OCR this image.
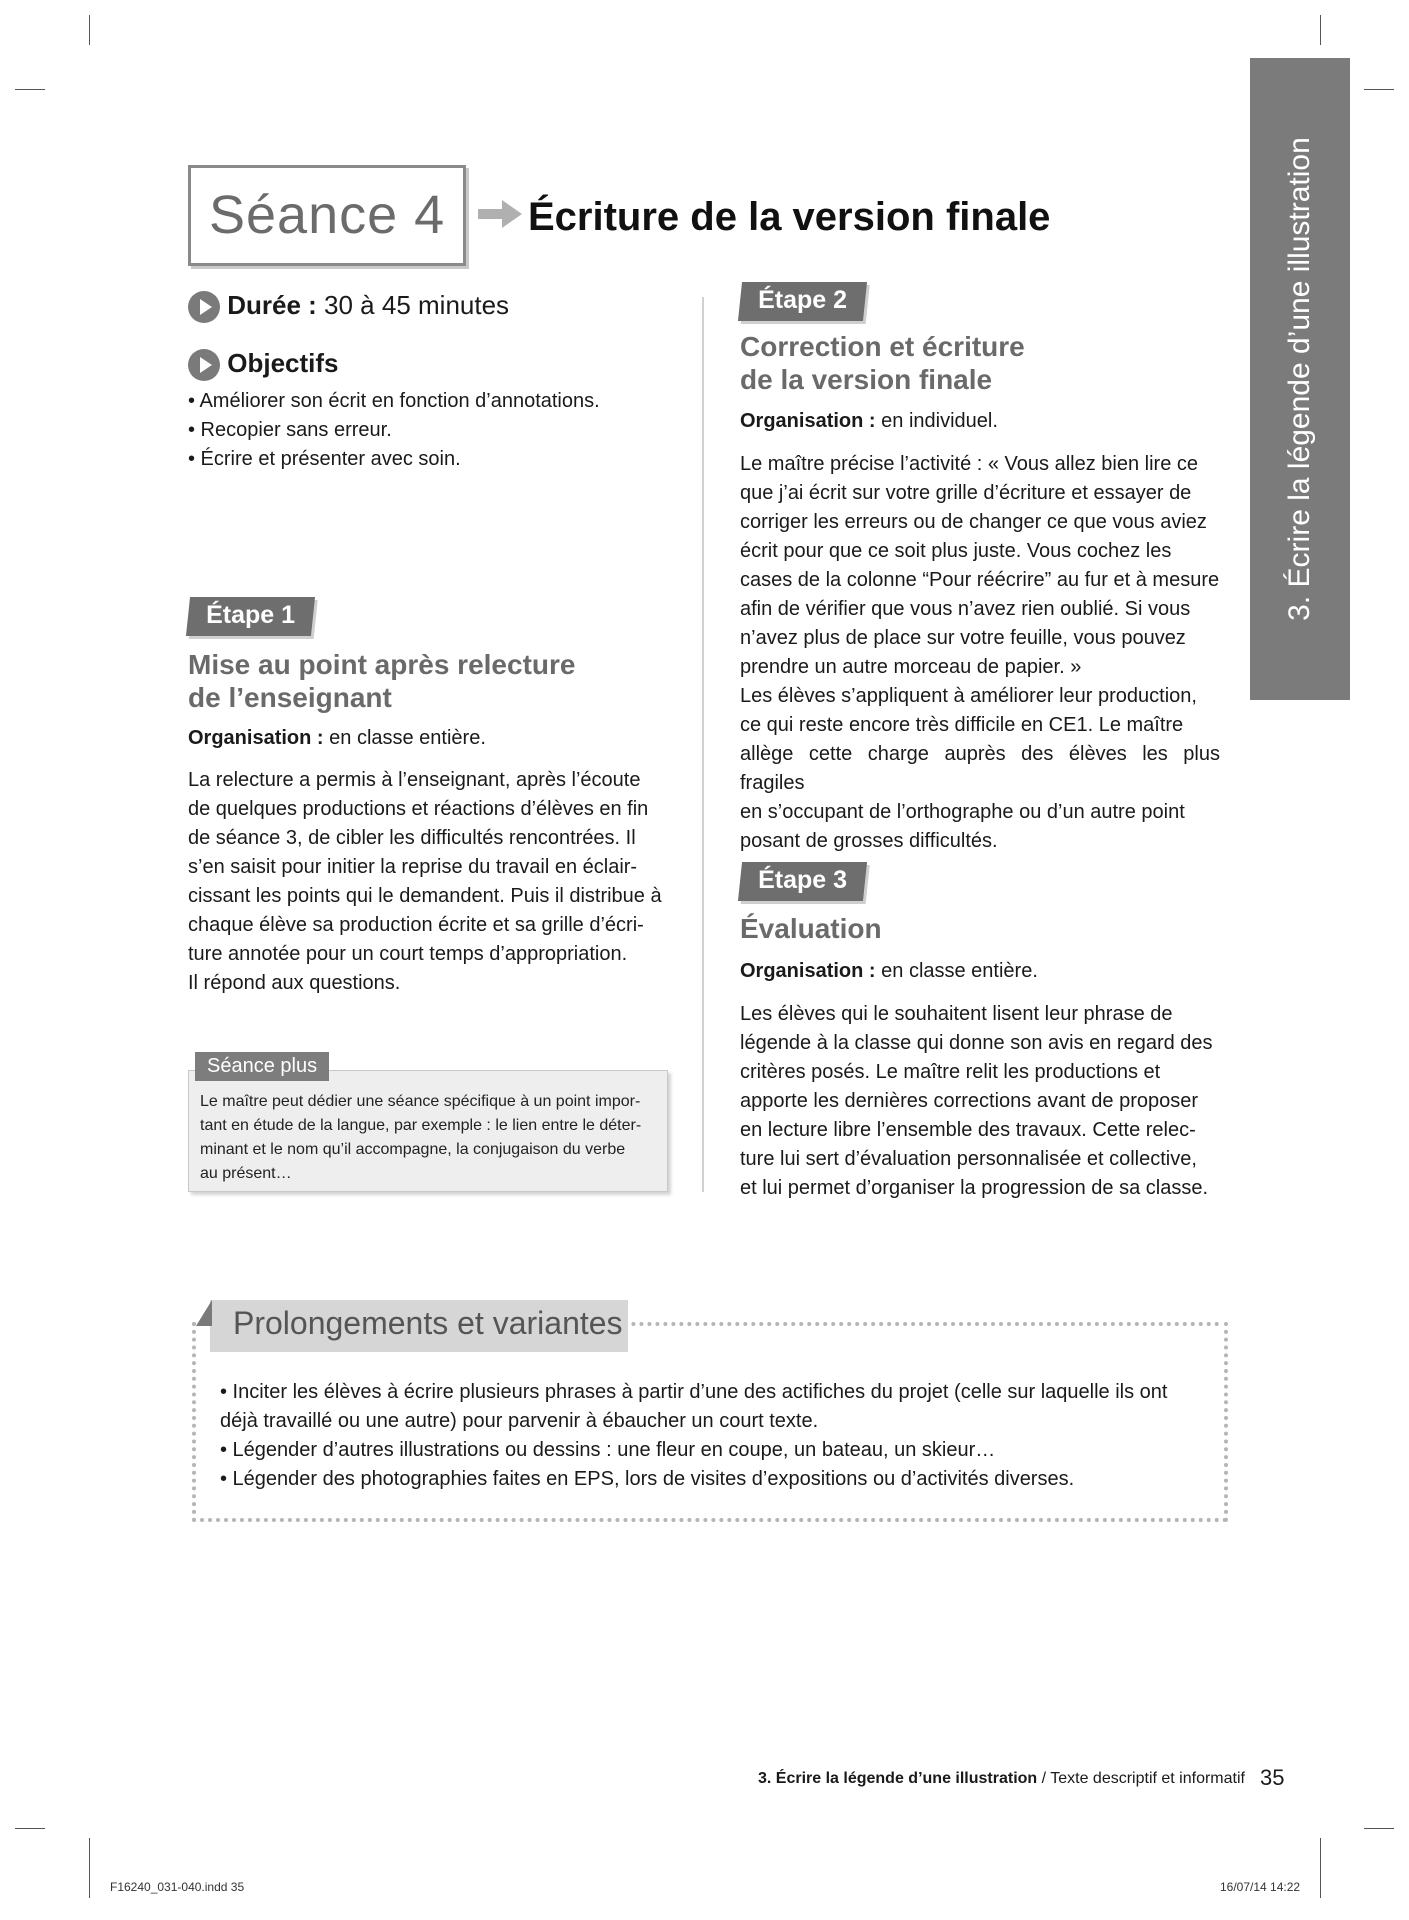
Séance 4	Écriture de la version finale
Durée : 30 à 45 minutes
Objectifs
• Améliorer son écrit en fonction d’annotations.
• Recopier sans erreur.
• Écrire et présenter avec soin.
Étape 1
Mise au point après relecture
de l’enseignant
Organisation : en classe entière.
La relecture a permis à l’enseignant, après l’écoute
de quelques productions et réactions d’élèves en fin
de séance 3, de cibler les difficultés rencontrées. Il
s’en saisit pour initier la reprise du travail en éclair-
cissant les points qui le demandent. Puis il distribue à
chaque élève sa production écrite et sa grille d’écri-
ture annotée pour un court temps d’appropriation.
Il répond aux questions.
Séance plus
Le maître peut dédier une séance spécifique à un point impor-
tant en étude de la langue, par exemple : le lien entre le déter-
minant et le nom qu’il accompagne, la conjugaison du verbe
au présent…
Étape 2
Correction et écriture
de la version finale
Organisation : en individuel.
Le maître précise l’activité : « Vous allez bien lire ce
que j’ai écrit sur votre grille d’écriture et essayer de
corriger les erreurs ou de changer ce que vous aviez
écrit pour que ce soit plus juste. Vous cochez les
cases de la colonne “Pour réécrire” au fur et à mesure
afin de vérifier que vous n’avez rien oublié. Si vous
n’avez plus de place sur votre feuille, vous pouvez
prendre un autre morceau de papier. »
Les élèves s’appliquent à améliorer leur production,
ce qui reste encore très difficile en CE1. Le maître
allège cette charge auprès des élèves les plus fragiles
en s’occupant de l’orthographe ou d’un autre point
posant de grosses difficultés.
Étape 3
Évaluation
Organisation : en classe entière.
Les élèves qui le souhaitent lisent leur phrase de
légende à la classe qui donne son avis en regard des
critères posés. Le maître relit les productions et
apporte les dernières corrections avant de proposer
en lecture libre l’ensemble des travaux. Cette relec-
ture lui sert d’évaluation personnalisée et collective,
et lui permet d’organiser la progression de sa classe.
3. Écrire la légende d’une illustration
Prolongements et variantes
• Inciter les élèves à écrire plusieurs phrases à partir d’une des actifiches du projet (celle sur laquelle ils ont
déjà travaillé ou une autre) pour parvenir à ébaucher un court texte.
• Légender d’autres illustrations ou dessins : une fleur en coupe, un bateau, un skieur…
• Légender des photographies faites en EPS, lors de visites d’expositions ou d’activités diverses.
3. Écrire la légende d’une illustration / Texte descriptif et informatif 35
F16240_031-040.indd 35	16/07/14 14:22
